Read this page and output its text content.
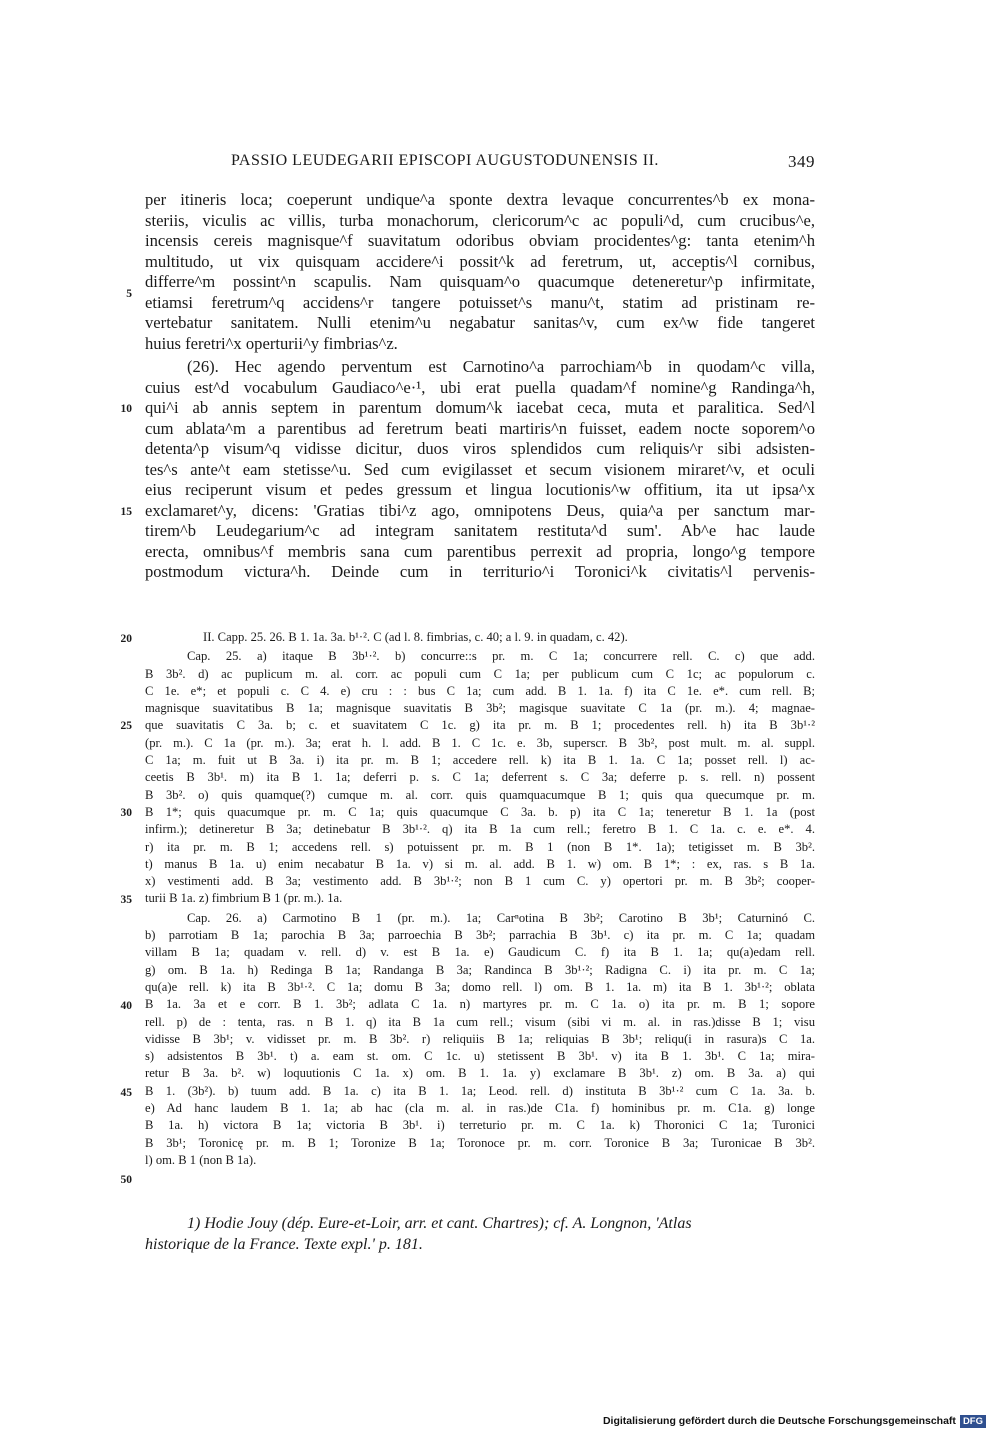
PASSIO LEUDEGARII EPISCOPI AUGUSTODUNENSIS II.	349

per itineris loca; coeperunt undique^a sponte dextra levaque concurrentes^b ex mona-

steriis, viculis ac villis, turba monachorum, clericorum^c ac populi^d, cum crucibus^e,

incensis cereis magnisque^f suavitatum odoribus obviam procidentes^g: tanta etenim^h

multitudo, ut vix quisquam accidere^i possit^k ad feretrum, ut, acceptis^l cornibus,

differre^m possint^n scapulis. Nam quisquam^o quacumque detenеretur^p infirmitate,

etiamsi feretrum^q accidens^r tangere potuisset^s manu^t, statim ad pristinam re-

vertebatur sanitatem. Nulli etenim^u negabatur sanitas^v, cum ex^w fide tangeret

huius feretri^x operturii^y fimbrias^z.

(26). Hec agendo perventum est Carnotino^a parrochiam^b in quodam^c villa,

cuius est^d vocabulum Gaudiaco^e·¹, ubi erat puella quadam^f nomine^g Randinga^h,

qui^i ab annis septem in parentum domum^k iacebat ceca, muta et paralitica. Sed^l

cum ablata^m a parentibus ad feretrum beati martiris^n fuisset, eadem nocte soporem^o

detenta^p visum^q vidisse dicitur, duos viros splendidos cum reliquis^r sibi adsisten-

tes^s ante^t eam stetisse^u. Sed cum evigilasset et secum visionem miraret^v, et oculi

eius reciperunt visum et pedes gressum et lingua locutionis^w offitium, ita ut ipsa^x

exclamaret^y, dicens: 'Gratias tibi^z ago, omnipotens Deus, quia^a per sanctum mar-

tirem^b Leudegarium^c ad integram sanitatem restituta^d sum'. Ab^e hac laude

erecta, omnibus^f membris sana cum parentibus perrexit ad propria, longo^g tempore

postmodum victura^h. Deinde cum in territurio^i Toronici^k civitatis^l pervenis-

II. Capp. 25. 26. B 1. 1a. 3a. b¹·². C (ad l. 8. fimbrias, c. 40; a l. 9. in quadam, c. 42).

Cap. 25. a) itaque B 3b¹·². b) concurre::s pr. m. C 1a; concurrere rell. C. c) que add.

B 3b². d) ac puplicum m. al. corr. ac populi cum C 1a; per publicum cum C 1c; ac populorum c.

C 1e. e*; et populi c. C 4. e) cru : : bus C 1a; cum add. B 1. 1a. f) ita C 1e. e*. cum rell. B;

magnisque suavitatibus B 1a; magnisque suavitatis B 3b²; magisque suavitate C 1a (pr. m.). 4; magnae-

que suavitatis C 3a. b; c. et suavitatem C 1c. g) ita pr. m. B 1; procedentes rell. h) ita B 3b¹·²

(pr. m.). C 1a (pr. m.). 3a; erat h. l. add. B 1. C 1c. e. 3b, superscr. B 3b², post mult. m. al. suppl.

C 1a; m. fuit ut B 3a. i) ita pr. m. B 1; accedere rell. k) ita B 1. 1a. C 1a; posset rell. l) ac-

ceetis B 3b¹. m) ita B 1. 1a; deferri p. s. C 1a; deferrent s. C 3a; deferre p. s. rell. n) possent

B 3b². o) quis quamque(?) cumque m. al. corr. quis quamquacumque B 1; quis qua quecumque pr. m.

B 1*; quis quacumque pr. m. C 1a; quis quacumque C 3a. b. p) ita C 1a; teneretur B 1. 1a (post

infirm.); detineretur B 3a; detinebatur B 3b¹·². q) ita B 1a cum rell.; feretro B 1. C 1a. c. e. e*. 4.

r) ita pr. m. B 1; accedens rell. s) potuissent pr. m. B 1 (non B 1*. 1a); tetigisset m. B 3b².

t) manus B 1a. u) enim necabatur B 1a. v) si m. al. add. B 1. w) om. B 1*; : ex, ras. s B 1a.

x) vestimenti add. B 3a; vestimento add. B 3b¹·²; non B 1 cum C. y) opertori pr. m. B 3b²; cooper-

turii B 1a. z) fimbrium B 1 (pr. m.). 1a.

Cap. 26. a) Carmotino B 1 (pr. m.). 1a; Carⁿotina B 3b²; Carotino B 3b¹; Caturninó C.

b) parrotiam B 1a; parochia B 3a; parroechia B 3b²; parrachia B 3b¹. c) ita pr. m. C 1a; quadam

villam B 1a; quadam v. rell. d) v. est B 1a. e) Gaudicum C. f) ita B 1. 1a; qu(a)edam rell.

g) om. B 1a. h) Redinga B 1a; Randanga B 3a; Randinca B 3b¹·²; Radigna C. i) ita pr. m. C 1a;

qu(a)e rell. k) ita B 3b¹·². C 1a; domu B 3a; domo rell. l) om. B 1. 1a. m) ita B 1. 3b¹·²; oblata

B 1a. 3a et e corr. B 1. 3b²; adlata C 1a. n) martyres pr. m. C 1a. o) ita pr. m. B 1; sopore

rell. p) de : tenta, ras. n B 1. q) ita B 1a cum rell.; visum (sibi vi m. al. in ras.)disse B 1; visu

vidisse B 3b¹; v. vidisset pr. m. B 3b². r) reliquiis B 1a; reliquias B 3b¹; reliqu(i in rasura)s C 1a.

s) adsistentos B 3b¹. t) a. eam st. om. C 1c. u) stetissent B 3b¹. v) ita B 1. 3b¹. C 1a; mira-

retur B 3a. b². w) loquutionis C 1a. x) om. B 1. 1a. y) exclamare B 3b¹. z) om. B 3a. a) qui

B 1. (3b²). b) tuum add. B 1a. c) ita B 1. 1a; Leod. rell. d) instituta B 3b¹·² cum C 1a. 3a. b.

e) Ad hanc laudem B 1. 1a; ab hac (cla m. al. in ras.)de C1a. f) hominibus pr. m. C1a. g) longe

B 1a. h) victora B 1a; victoria B 3b¹. i) terreturio pr. m. C 1a. k) Thoronici C 1a; Turonici

B 3b¹; Toronicę pr. m. B 1; Toronize B 1a; Toronoce pr. m. corr. Toronice B 3a; Turonicae B 3b².

l) om. B 1 (non B 1a).

1) Hodie Jouy (dép. Eure-et-Loir, arr. et cant. Chartres); cf. A. Longnon, 'Atlas

historique de la France. Texte expl.' p. 181.

5
10
15
20
25
30
35
40
45
50
Digitalisierung gefördert durch die Deutsche Forschungsgemeinschaft DFG
